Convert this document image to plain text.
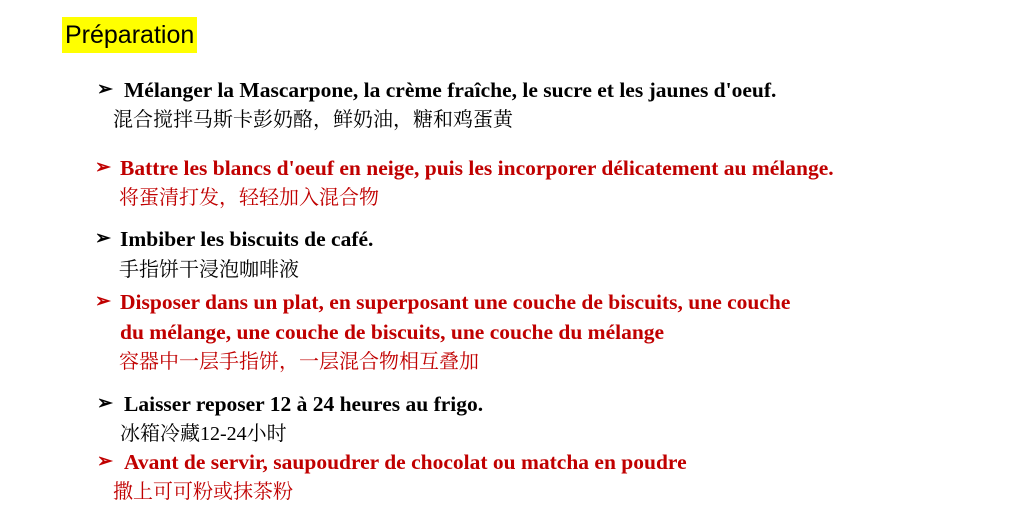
Préparation
➢ Mélanger la Mascarpone, la crème fraîche, le sucre et les jaunes d'oeuf.
混合搅拌马斯卡彭奶酪，鲜奶油，糖和鸡蛋黄
➢ Battre les blancs d'oeuf en neige, puis les incorporer délicatement au mélange.
将蛋清打发，轻轻加入混合物
➢ Imbiber les biscuits de café.
手指饼干浸泡咖啡液
➢ Disposer dans un plat, en superposant une couche de biscuits, une couche
du mélange, une couche de biscuits, une couche du mélange
容器中一层手指饼，一层混合物相互叠加
➢ Laisser reposer 12 à 24 heures au frigo.
冰箱冷藏12-24小时
➢ Avant de servir, saupoudrer de chocolat ou matcha en poudre
撒上可可粉或抹茶粉
